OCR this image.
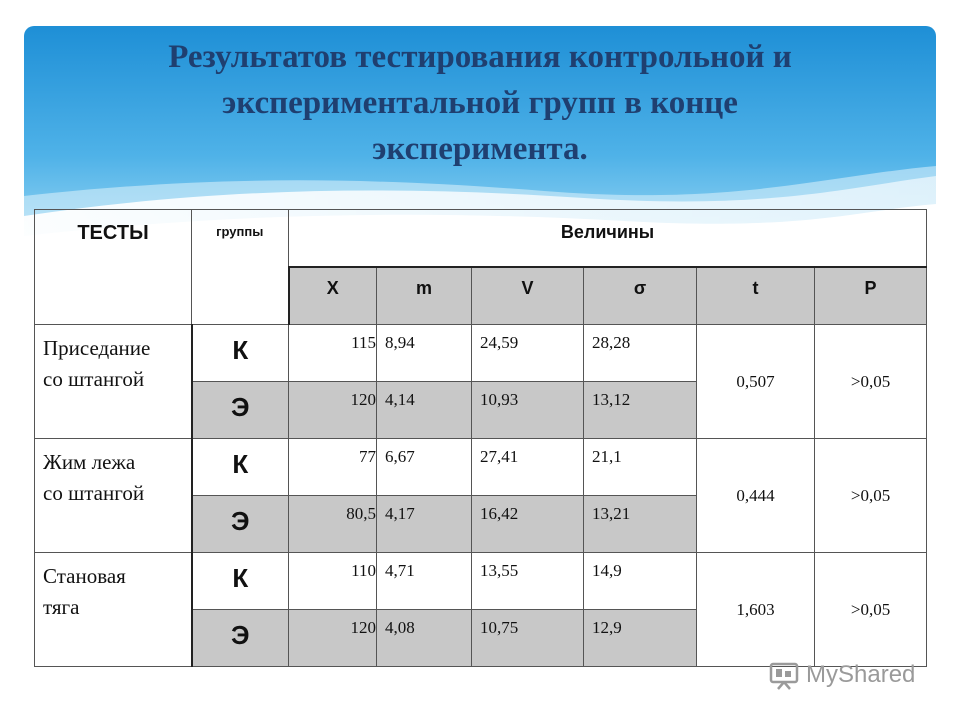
Результатов тестирования контрольной и
экспериментальной групп в конце
эксперимента.
ТЕСТЫ	группы	Величины					

		Х	m	V	σ	t	Р

Приседание
со штангой	К	115	8,94	24,59	28,28	0,507	>0,05

	Э	120	4,14	10,93	13,12		

Жим лежа
со штангой	К	77	6,67	27,41	21,1	0,444	>0,05

	Э	80,5	4,17	16,42	13,21		

Становая
тяга	К	110	4,71	13,55	14,9	1,603	>0,05

	Э	120	4,08	10,75	12,9		
MyShared
